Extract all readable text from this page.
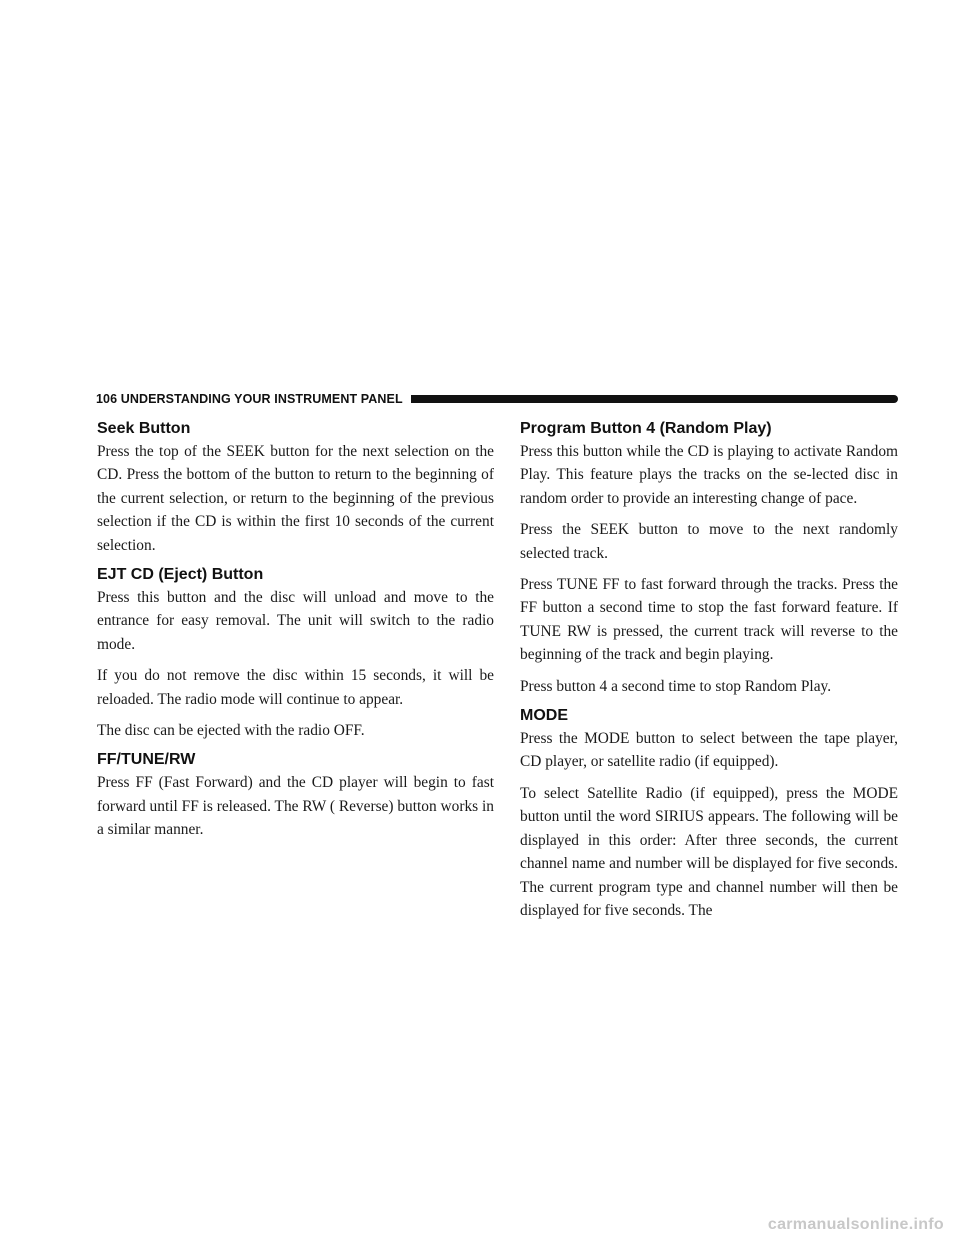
106 UNDERSTANDING YOUR INSTRUMENT PANEL
Seek Button

Press the top of the SEEK button for the next selection on the CD. Press the bottom of the button to return to the beginning of the current selection, or return to the beginning of the previous selection if the CD is within the first 10 seconds of the current selection.

EJT CD (Eject) Button

Press this button and the disc will unload and move to the entrance for easy removal. The unit will switch to the radio mode.

If you do not remove the disc within 15 seconds, it will be reloaded. The radio mode will continue to appear.

The disc can be ejected with the radio OFF.

FF/TUNE/RW

Press FF (Fast Forward) and the CD player will begin to fast forward until FF is released. The RW ( Reverse) button works in a similar manner.

Program Button 4 (Random Play)

Press this button while the CD is playing to activate Random Play. This feature plays the tracks on the se-lected disc in random order to provide an interesting change of pace.

Press the SEEK button to move to the next randomly selected track.

Press TUNE FF to fast forward through the tracks. Press the FF button a second time to stop the fast forward feature. If TUNE RW is pressed, the current track will reverse to the beginning of the track and begin playing.

Press button 4 a second time to stop Random Play.

MODE

Press the MODE button to select between the tape player, CD player, or satellite radio (if equipped).

To select Satellite Radio (if equipped), press the MODE button until the word SIRIUS appears. The following will be displayed in this order: After three seconds, the current channel name and number will be displayed for five seconds. The current program type and channel number will then be displayed for five seconds. The

carmanualsonline.info
